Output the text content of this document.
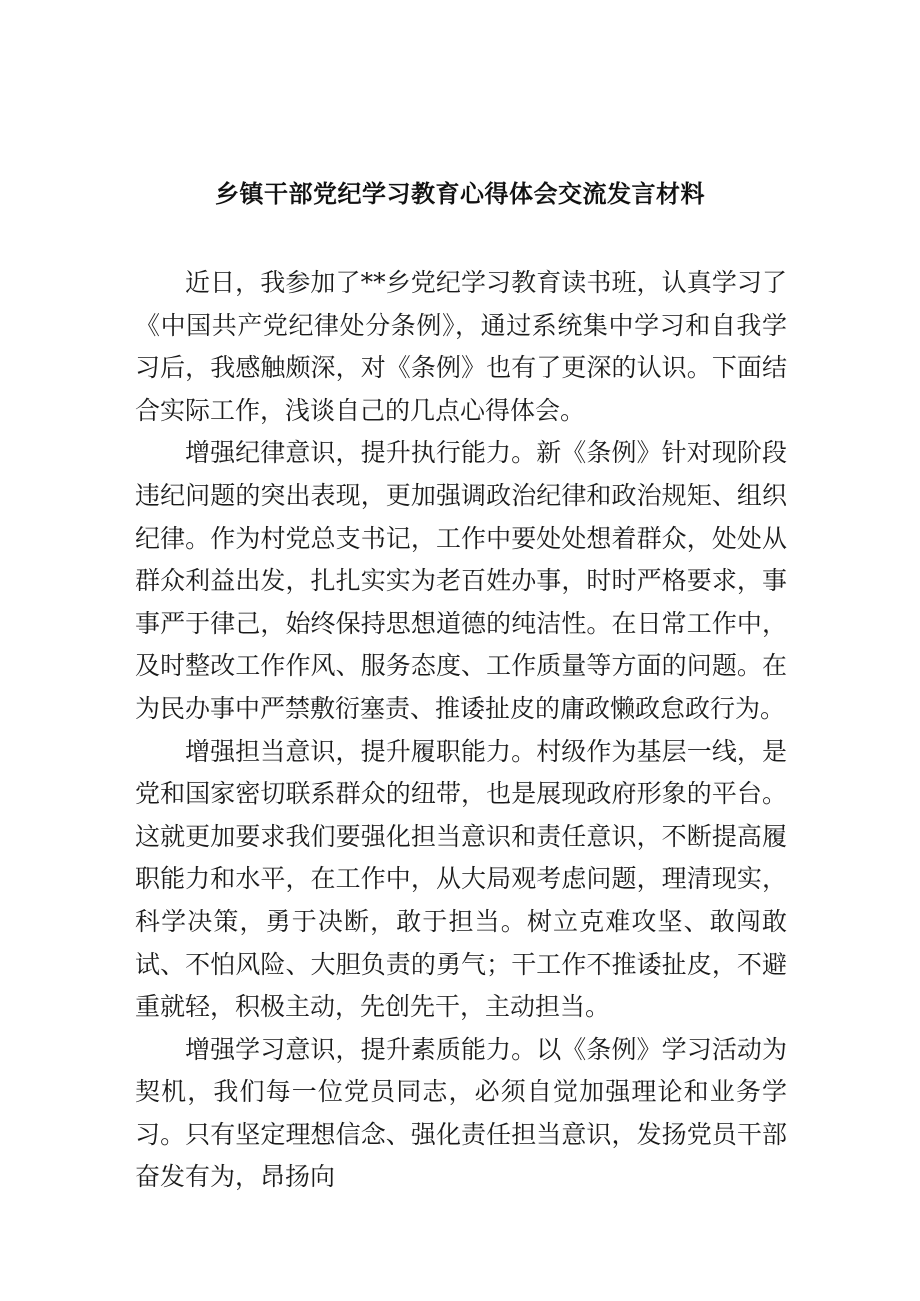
乡镇干部党纪学习教育心得体会交流发言材料

近日，我参加了**乡党纪学习教育读书班，认真学习了《中国共产党纪律处分条例》，通过系统集中学习和自我学习后，我感触颇深，对《条例》也有了更深的认识。下面结合实际工作，浅谈自己的几点心得体会。

增强纪律意识，提升执行能力。新《条例》针对现阶段违纪问题的突出表现，更加强调政治纪律和政治规矩、组织纪律。作为村党总支书记，工作中要处处想着群众，处处从群众利益出发，扎扎实实为老百姓办事，时时严格要求，事事严于律己，始终保持思想道德的纯洁性。在日常工作中，及时整改工作作风、服务态度、工作质量等方面的问题。在为民办事中严禁敷衍塞责、推诿扯皮的庸政懒政怠政行为。

增强担当意识，提升履职能力。村级作为基层一线，是党和国家密切联系群众的纽带，也是展现政府形象的平台。这就更加要求我们要强化担当意识和责任意识，不断提高履职能力和水平，在工作中，从大局观考虑问题，理清现实，科学决策，勇于决断，敢于担当。树立克难攻坚、敢闯敢试、不怕风险、大胆负责的勇气；干工作不推诿扯皮，不避重就轻，积极主动，先创先干，主动担当。

增强学习意识，提升素质能力。以《条例》学习活动为契机，我们每一位党员同志，必须自觉加强理论和业务学习。只有坚定理想信念、强化责任担当意识，发扬党员干部奋发有为，昂扬向
